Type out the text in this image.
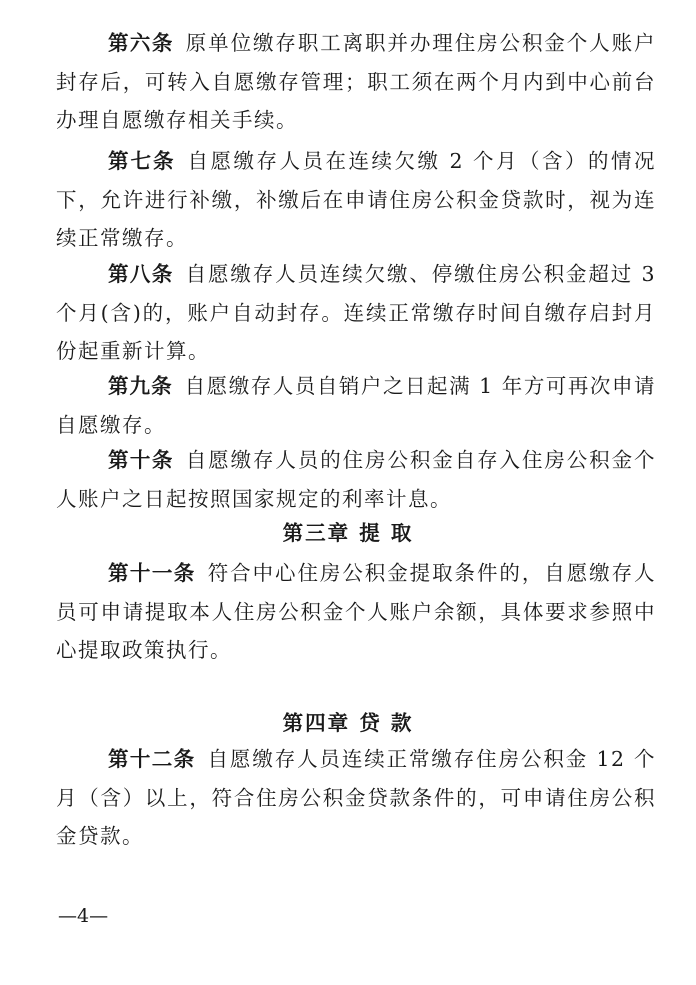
第六条 原单位缴存职工离职并办理住房公积金个人账户封存后，可转入自愿缴存管理；职工须在两个月内到中心前台办理自愿缴存相关手续。

第七条 自愿缴存人员在连续欠缴 2 个月（含）的情况下，允许进行补缴，补缴后在申请住房公积金贷款时，视为连续正常缴存。

第八条 自愿缴存人员连续欠缴、停缴住房公积金超过 3 个月(含)的，账户自动封存。连续正常缴存时间自缴存启封月份起重新计算。

第九条 自愿缴存人员自销户之日起满 1 年方可再次申请自愿缴存。

第十条 自愿缴存人员的住房公积金自存入住房公积金个人账户之日起按照国家规定的利率计息。

第三章 提 取

第十一条 符合中心住房公积金提取条件的，自愿缴存人员可申请提取本人住房公积金个人账户余额，具体要求参照中心提取政策执行。

第四章 贷 款

第十二条 自愿缴存人员连续正常缴存住房公积金 12 个月（含）以上，符合住房公积金贷款条件的，可申请住房公积金贷款。

—4—
